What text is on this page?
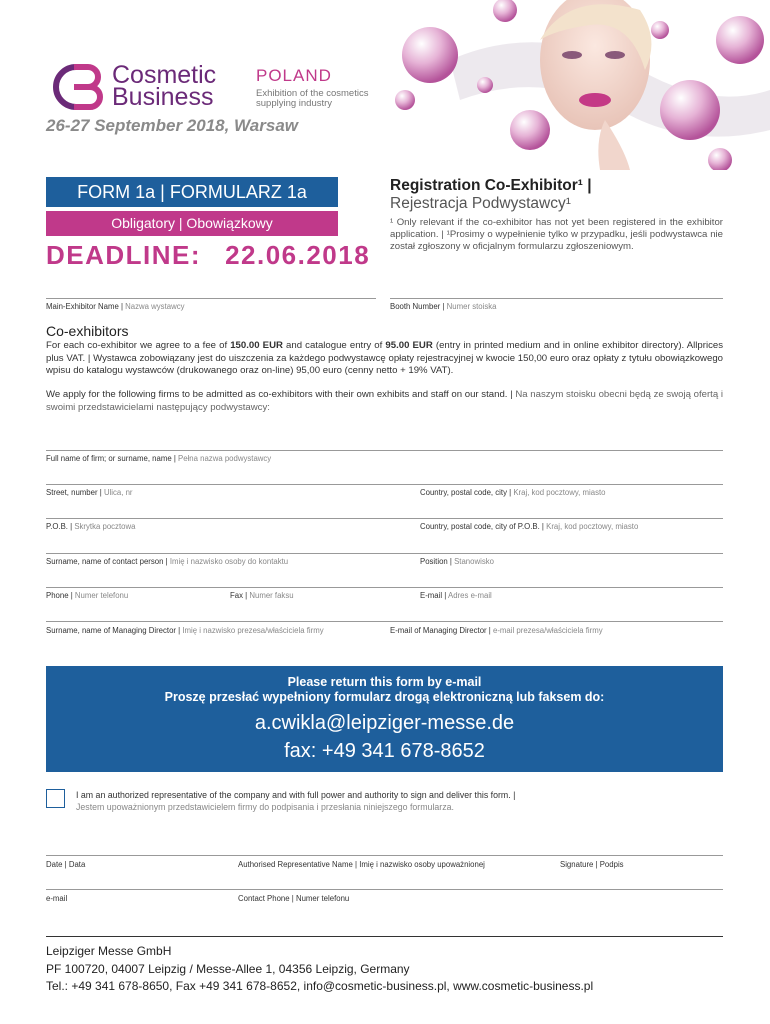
Cosmetic
Business
POLAND
Exhibition of the cosmetics
supplying industry
26-27 September 2018, Warsaw
FORM 1a | FORMULARZ 1a
Obligatory | Obowiązkowy
DEADLINE: 22.06.2018
Registration Co-Exhibitor¹ |
Rejestracja Podwystawcy¹
¹ Only relevant if the co-exhibitor has not yet been registered in the exhibitor application. | ¹Prosimy o wypełnienie tylko w przypadku, jeśli podwystawca nie został zgłoszony w oficjalnym formularzu zgłoszeniowym.
Main-Exhibitor Name | Nazwa wystawcy	Booth Number | Numer stoiska
Co-exhibitors
For each co-exhibitor we agree to a fee of 150.00 EUR and catalogue entry of 95.00 EUR (entry in printed medium and in online exhibitor directory). Allprices plus VAT. | Wystawca zobowiązany jest do uiszczenia za każdego podwystawcę opłaty rejestracyjnej w kwocie 150,00 euro oraz opłaty z tytułu obowiązkowego wpisu do katalogu wystawców (drukowanego oraz on-line) 95,00 euro (cenny netto + 19% VAT).
We apply for the following firms to be admitted as co-exhibitors with their own exhibits and staff on our stand. | Na naszym stoisku obecni będą ze swoją ofertą i swoimi przedstawicielami następujący podwystawcy:
Full name of firm; or surname, name | Pełna nazwa podwystawcy
Street, number | Ulica, nr	Country, postal code, city | Kraj, kod pocztowy, miasto
P.O.B. | Skrytka pocztowa	Country, postal code, city of P.O.B. | Kraj, kod pocztowy, miasto
Surname, name of contact person | Imię i nazwisko osoby do kontaktu	Position | Stanowisko
Phone | Numer telefonu	Fax | Numer faksu	E-mail | Adres e-mail
Surname, name of Managing Director | Imię i nazwisko prezesa/właściciela firmy	E-mail of Managing Director | e-mail prezesa/właściciela firmy
Please return this form by e-mail
Proszę przesłać wypełniony formularz drogą elektroniczną lub faksem do:
a.cwikla@leipziger-messe.de
fax: +49 341 678-8652
I am an authorized representative of the company and with full power and authority to sign and deliver this form. |
Jestem upoważnionym przedstawicielem firmy do podpisania i przesłania niniejszego formularza.
Date | Data	Authorised Representative Name | Imię i nazwisko osoby upoważnionej	Signature | Podpis
e-mail	Contact Phone | Numer telefonu
Leipziger Messe GmbH
PF 100720, 04007 Leipzig / Messe-Allee 1, 04356 Leipzig, Germany
Tel.: +49 341 678-8650, Fax +49 341 678-8652, info@cosmetic-business.pl, www.cosmetic-business.pl
